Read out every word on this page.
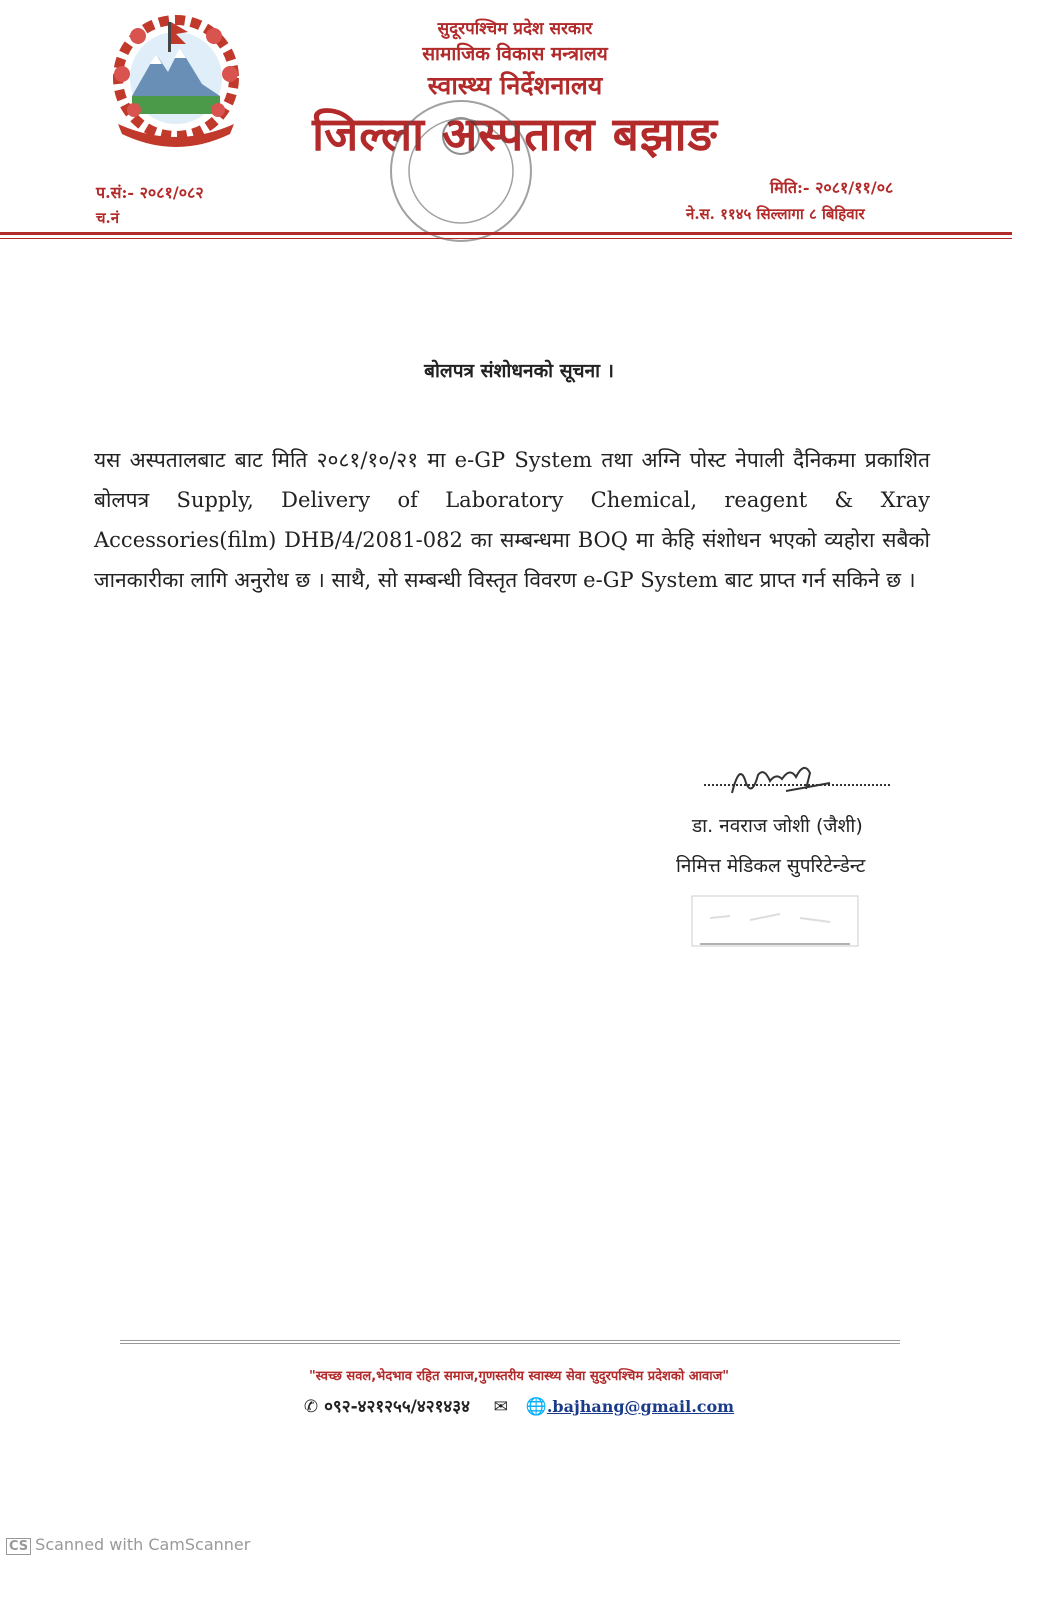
सुदूरपश्चिम प्रदेश सरकार
सामाजिक विकास मन्त्रालय
स्वास्थ्य निर्देशनालय
जिल्ला अस्पताल बझाङ
प.सं:- २०८१/०८२
च.नं
मिति:- २०८१/११/०८
ने.स. ११४५ सिल्लागा ८ बिहिवार
बोलपत्र संशोधनको सूचना ।
यस अस्पतालबाट बाट मिति २०८१/१०/२१ मा e-GP System तथा अग्नि पोस्ट नेपाली दैनिकमा प्रकाशित बोलपत्र Supply, Delivery of Laboratory Chemical, reagent & Xray Accessories(film) DHB/4/2081-082 का सम्बन्धमा BOQ मा केहि संशोधन भएको व्यहोरा सबैको जानकारीका लागि अनुरोध छ । साथै, सो सम्बन्धी विस्तृत विवरण e-GP System बाट प्राप्त गर्न सकिने छ ।
डा. नवराज जोशी (जैशी)
निमित्त मेडिकल सुपरिटेन्डेन्ट
"स्वच्छ सवल,भेदभाव रहित समाज,गुणस्तरीय स्वास्थ्य सेवा सुदुरपश्चिम प्रदेशको आवाज"
✆ ०९२-४२१२५५/४२१४३४ ✉ 🌐.bajhang@gmail.com
CS Scanned with CamScanner
